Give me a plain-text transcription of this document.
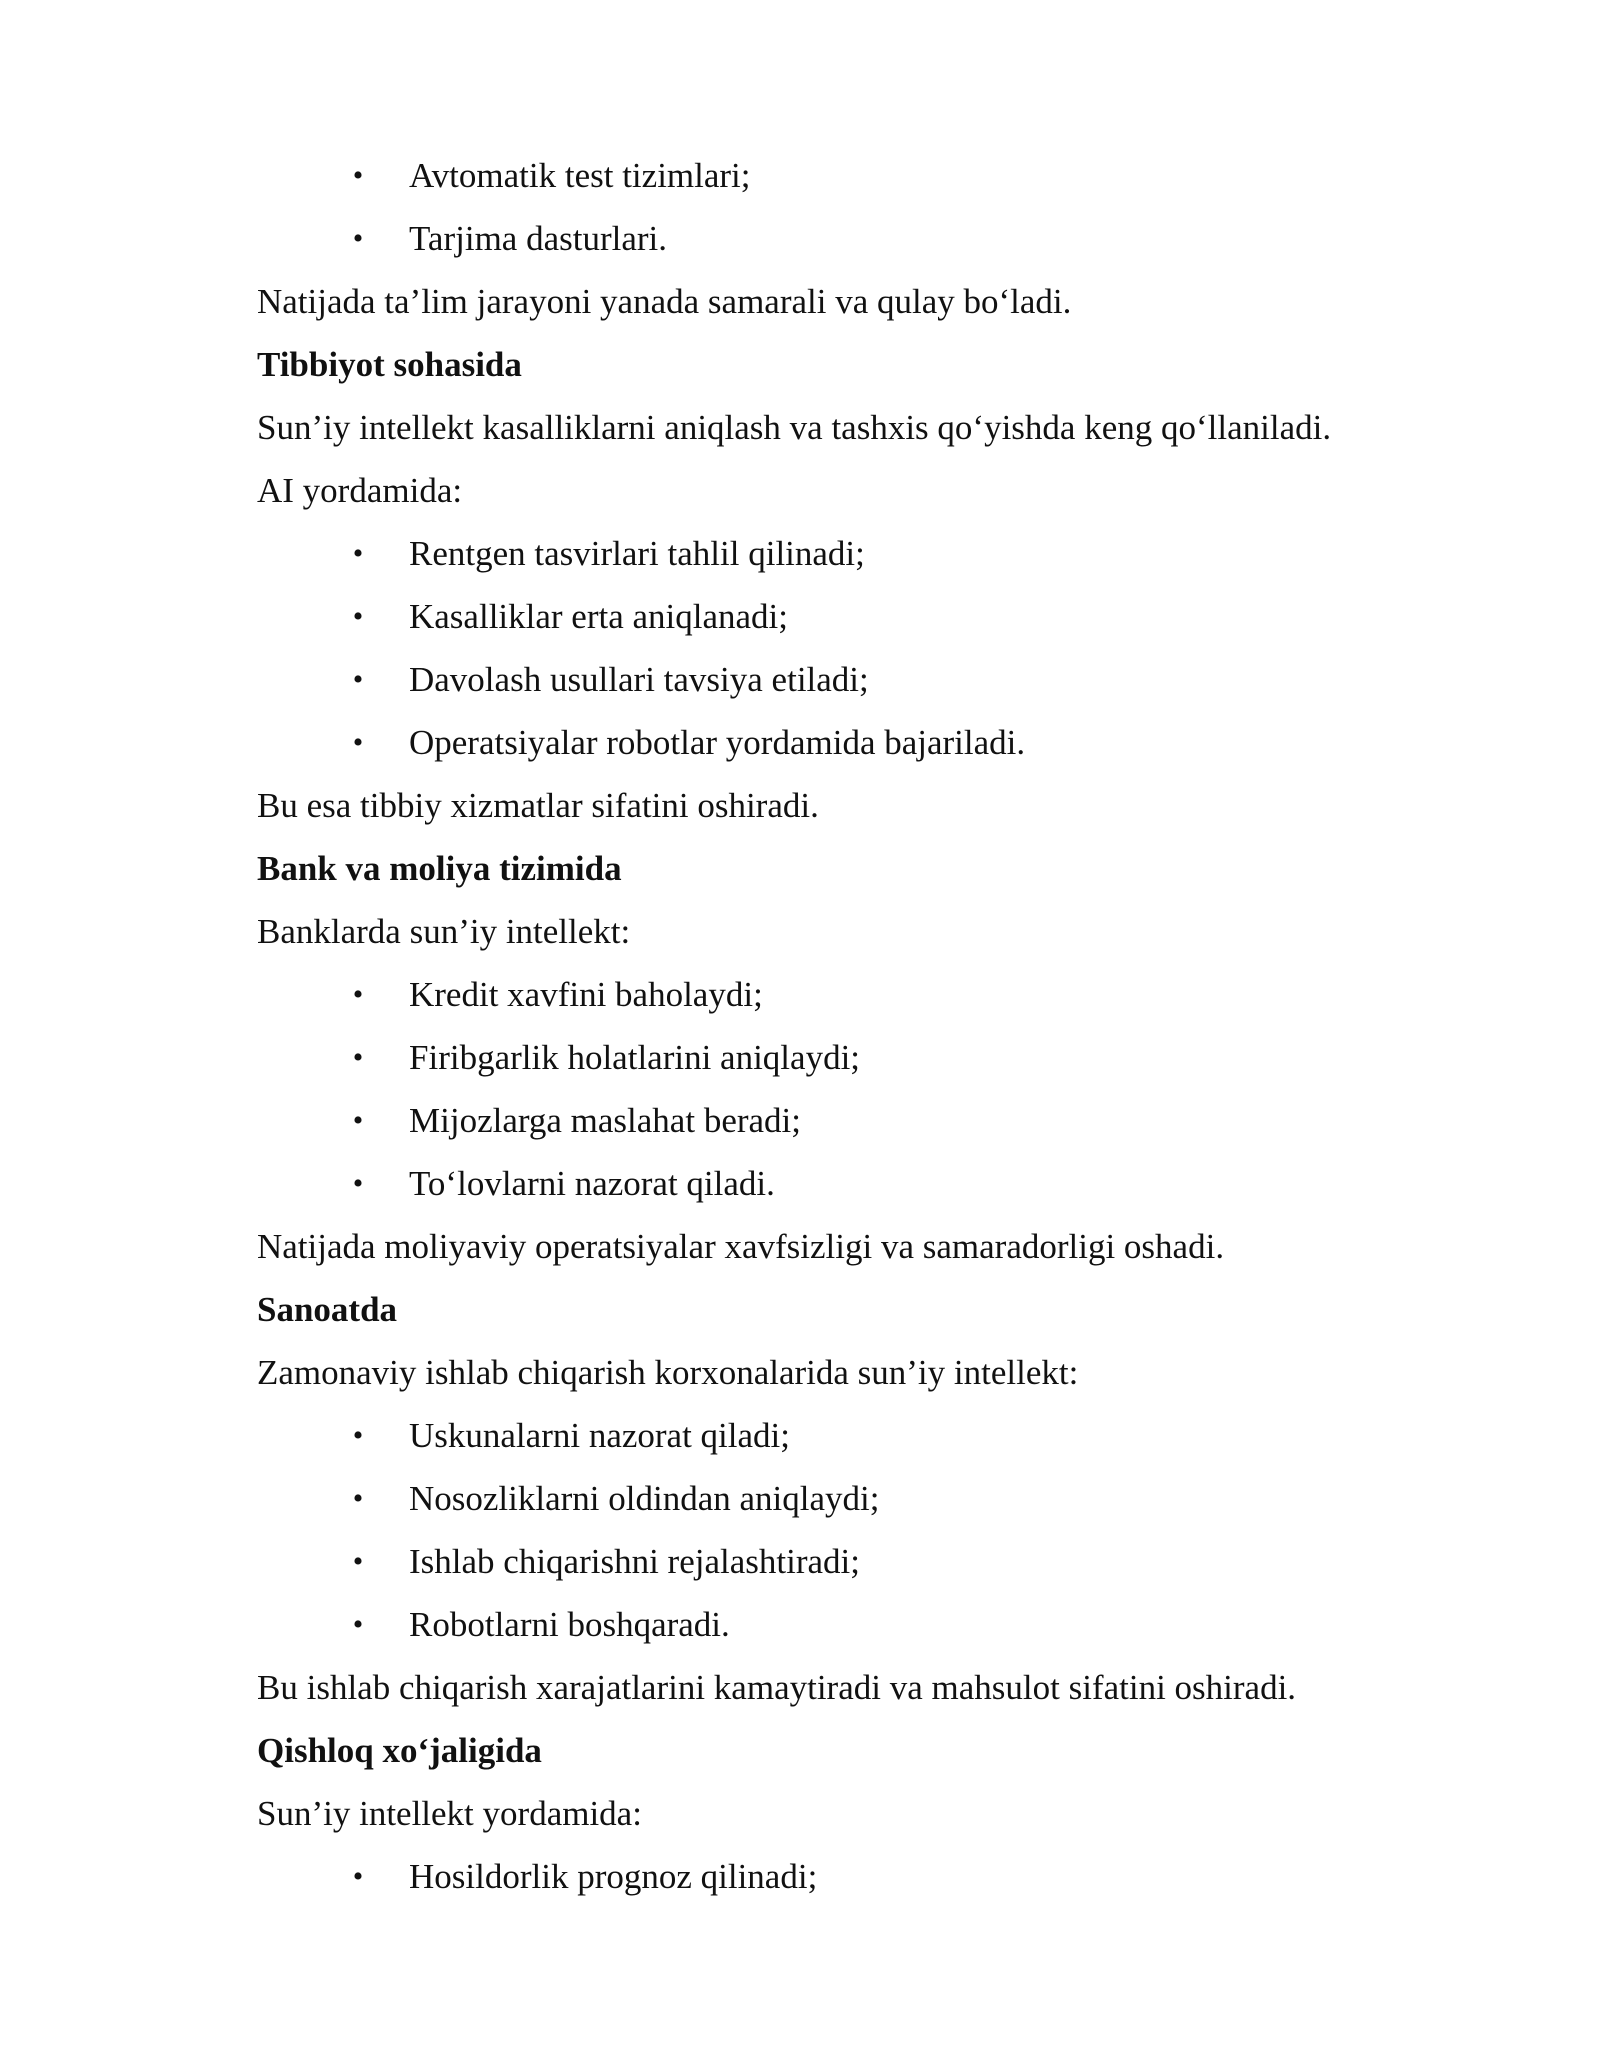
• Avtomatik test tizimlari;
• Tarjima dasturlari.
Natijada ta’lim jarayoni yanada samarali va qulay bo‘ladi.
Tibbiyot sohasida
Sun’iy intellekt kasalliklarni aniqlash va tashxis qo‘yishda keng qo‘llaniladi.
AI yordamida:
• Rentgen tasvirlari tahlil qilinadi;
• Kasalliklar erta aniqlanadi;
• Davolash usullari tavsiya etiladi;
• Operatsiyalar robotlar yordamida bajariladi.
Bu esa tibbiy xizmatlar sifatini oshiradi.
Bank va moliya tizimida
Banklarda sun’iy intellekt:
• Kredit xavfini baholaydi;
• Firibgarlik holatlarini aniqlaydi;
• Mijozlarga maslahat beradi;
• To‘lovlarni nazorat qiladi.
Natijada moliyaviy operatsiyalar xavfsizligi va samaradorligi oshadi.
Sanoatda
Zamonaviy ishlab chiqarish korxonalarida sun’iy intellekt:
• Uskunalarni nazorat qiladi;
• Nosozliklarni oldindan aniqlaydi;
• Ishlab chiqarishni rejalashtiradi;
• Robotlarni boshqaradi.
Bu ishlab chiqarish xarajatlarini kamaytiradi va mahsulot sifatini oshiradi.
Qishloq xo‘jaligida
Sun’iy intellekt yordamida:
• Hosildorlik prognoz qilinadi;
